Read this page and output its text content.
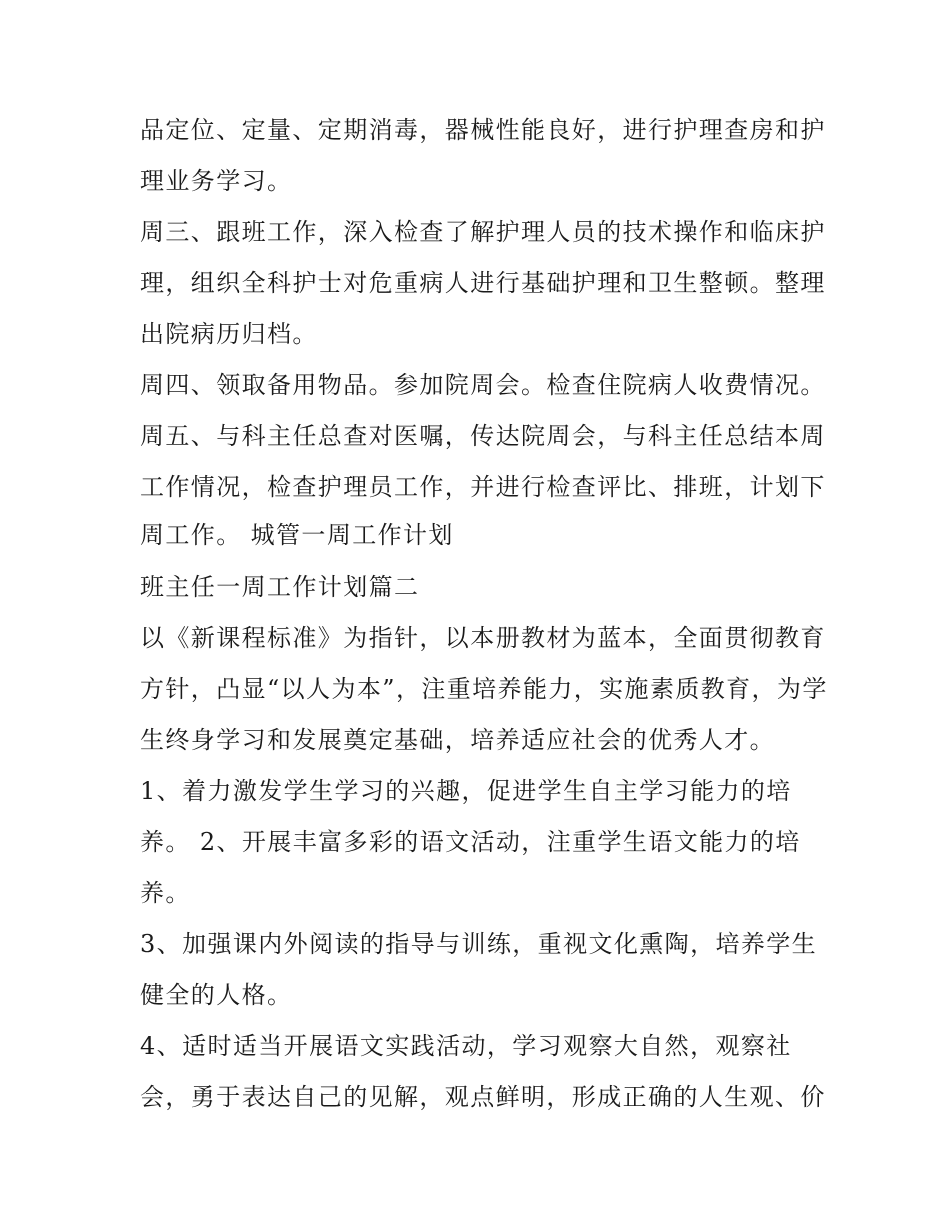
品定位、定量、定期消毒，器械性能良好，进行护理查房和护
理业务学习。
周三、跟班工作，深入检查了解护理人员的技术操作和临床护
理，组织全科护士对危重病人进行基础护理和卫生整顿。整理
出院病历归档。
周四、领取备用物品。参加院周会。检查住院病人收费情况。
周五、与科主任总查对医嘱，传达院周会，与科主任总结本周
工作情况，检查护理员工作，并进行检查评比、排班，计划下
周工作。 城管一周工作计划
班主任一周工作计划篇二
以《新课程标准》为指针，以本册教材为蓝本，全面贯彻教育
方针，凸显“以人为本”，注重培养能力，实施素质教育，为学
生终身学习和发展奠定基础，培养适应社会的优秀人才。
1、着力激发学生学习的兴趣，促进学生自主学习能力的培
养。 2、开展丰富多彩的语文活动，注重学生语文能力的培
养。
3、加强课内外阅读的指导与训练，重视文化熏陶，培养学生
健全的人格。
4、适时适当开展语文实践活动，学习观察大自然，观察社
会，勇于表达自己的见解，观点鲜明，形成正确的人生观、价
